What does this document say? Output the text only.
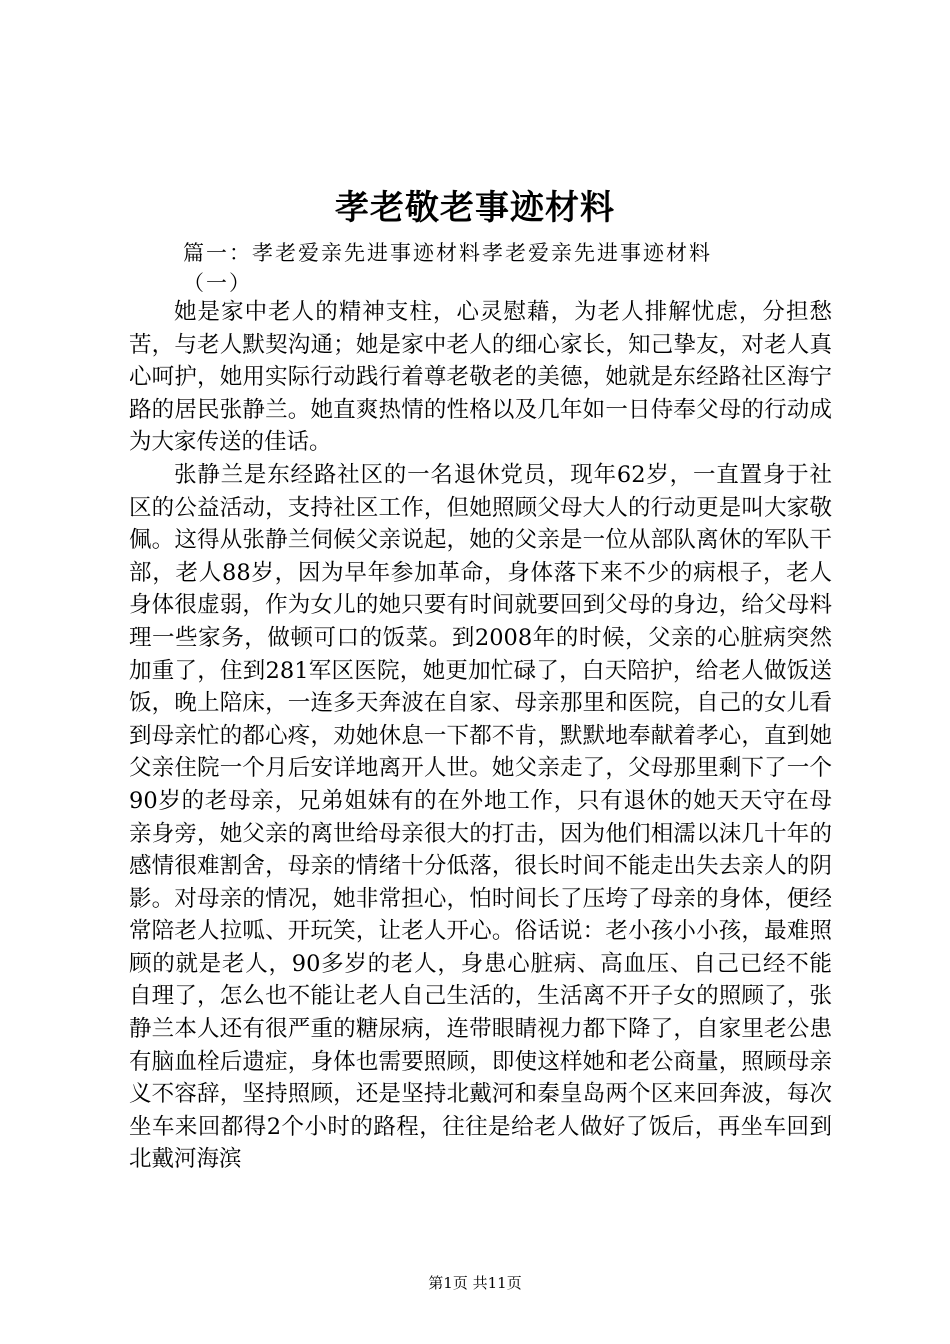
孝老敬老事迹材料
篇一：孝老爱亲先进事迹材料孝老爱亲先进事迹材料
（一）

她是家中老人的精神支柱，心灵慰藉，为老人排解忧虑，分担愁苦，与老人默契沟通；她是家中老人的细心家长，知己挚友，对老人真心呵护，她用实际行动践行着尊老敬老的美德，她就是东经路社区海宁路的居民张静兰。她直爽热情的性格以及几年如一日侍奉父母的行动成为大家传送的佳话。

张静兰是东经路社区的一名退休党员，现年62岁，一直置身于社区的公益活动，支持社区工作，但她照顾父母大人的行动更是叫大家敬佩。这得从张静兰伺候父亲说起，她的父亲是一位从部队离休的军队干部，老人88岁，因为早年参加革命，身体落下来不少的病根子，老人身体很虚弱，作为女儿的她只要有时间就要回到父母的身边，给父母料理一些家务，做顿可口的饭菜。到2008年的时候，父亲的心脏病突然加重了，住到281军区医院，她更加忙碌了，白天陪护，给老人做饭送饭，晚上陪床，一连多天奔波在自家、母亲那里和医院，自己的女儿看到母亲忙的都心疼，劝她休息一下都不肯，默默地奉献着孝心，直到她父亲住院一个月后安详地离开人世。她父亲走了，父母那里剩下了一个90岁的老母亲，兄弟姐妹有的在外地工作，只有退休的她天天守在母亲身旁，她父亲的离世给母亲很大的打击，因为他们相濡以沫几十年的感情很难割舍，母亲的情绪十分低落，很长时间不能走出失去亲人的阴影。对母亲的情况，她非常担心，怕时间长了压垮了母亲的身体，便经常陪老人拉呱、开玩笑，让老人开心。俗话说：老小孩小小孩，最难照顾的就是老人，90多岁的老人，身患心脏病、高血压、自己已经不能自理了，怎么也不能让老人自己生活的，生活离不开子女的照顾了，张静兰本人还有很严重的糖尿病，连带眼睛视力都下降了，自家里老公患有脑血栓后遗症，身体也需要照顾，即使这样她和老公商量，照顾母亲义不容辞，坚持照顾，还是坚持北戴河和秦皇岛两个区来回奔波，每次坐车来回都得2个小时的路程，往往是给老人做好了饭后，再坐车回到北戴河海滨

第1页 共11页
